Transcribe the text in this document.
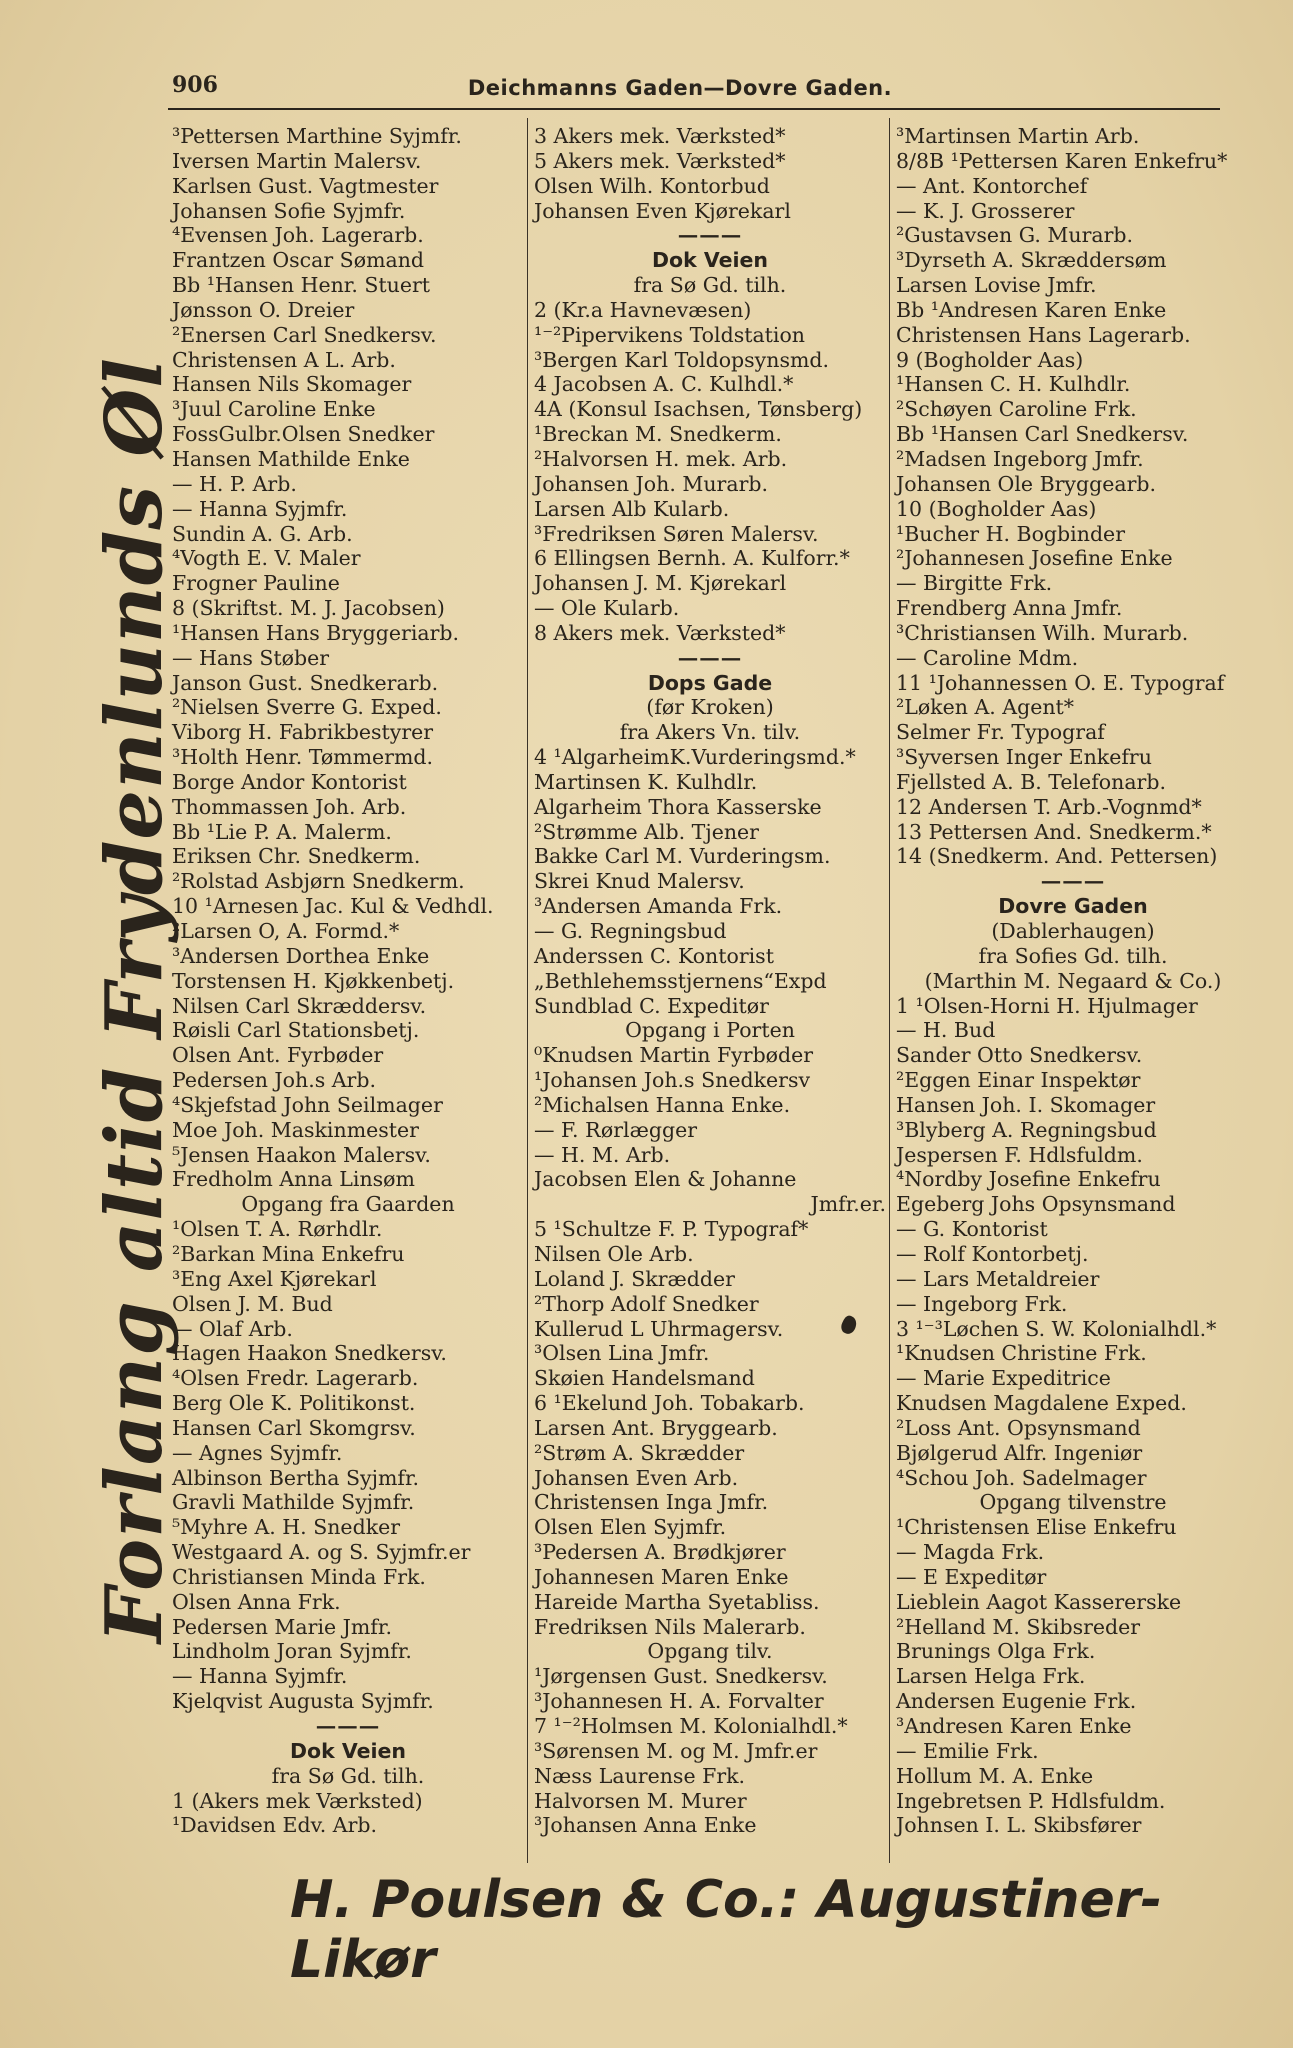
906	Deichmanns Gaden—Dovre Gaden.
Forlang altid Frydenlunds Øl
³Pettersen Marthine Syjmfr.
Iversen Martin Malersv.
Karlsen Gust. Vagtmester
Johansen Sofie Syjmfr.
⁴Evensen Joh. Lagerarb.
Frantzen Oscar Sømand
Bb ¹Hansen Henr. Stuert
Jønsson O. Dreier
²Enersen Carl Snedkersv.
Christensen A L. Arb.
Hansen Nils Skomager
³Juul Caroline Enke
FossGulbr.Olsen Snedker
Hansen Mathilde Enke
— H. P. Arb.
— Hanna Syjmfr.
Sundin A. G. Arb.
⁴Vogth E. V. Maler
Frogner Pauline
8 (Skriftst. M. J. Jacobsen)
¹Hansen Hans Bryggeriarb.
— Hans Støber
Janson Gust. Snedkerarb.
²Nielsen Sverre G. Exped.
Viborg H. Fabrikbestyrer
³Holth Henr. Tømmermd.
Borge Andor Kontorist
Thommassen Joh. Arb.
Bb ¹Lie P. A. Malerm.
Eriksen Chr. Snedkerm.
²Rolstad Asbjørn Snedkerm.
10 ¹Arnesen Jac. Kul & Vedhdl.
²Larsen O, A. Formd.*
³Andersen Dorthea Enke
Torstensen H. Kjøkkenbetj.
Nilsen Carl Skræddersv.
Røisli Carl Stationsbetj.
Olsen Ant. Fyrbøder
Pedersen Joh.s Arb.
⁴Skjefstad John Seilmager
Moe Joh. Maskinmester
⁵Jensen Haakon Malersv.
Fredholm Anna Linsøm
Opgang fra Gaarden
¹Olsen T. A. Rørhdlr.
²Barkan Mina Enkefru
³Eng Axel Kjørekarl
Olsen J. M. Bud
— Olaf Arb.
Hagen Haakon Snedkersv.
⁴Olsen Fredr. Lagerarb.
Berg Ole K. Politikonst.
Hansen Carl Skomgrsv.
— Agnes Syjmfr.
Albinson Bertha Syjmfr.
Gravli Mathilde Syjmfr.
⁵Myhre A. H. Snedker
Westgaard A. og S. Syjmfr.er
Christiansen Minda Frk.
Olsen Anna Frk.
Pedersen Marie Jmfr.
Lindholm Joran Syjmfr.
— Hanna Syjmfr.
Kjelqvist Augusta Syjmfr.
———
Dok Veien
fra Sø Gd. tilh.
1 (Akers mek Værksted)
¹Davidsen Edv. Arb.
3 Akers mek. Værksted*
5 Akers mek. Værksted*
Olsen Wilh. Kontorbud
Johansen Even Kjørekarl
———
Dok Veien
fra Sø Gd. tilh.
2 (Kr.a Havnevæsen)
¹⁻²Pipervikens Toldstation
³Bergen Karl Toldopsynsmd.
4 Jacobsen A. C. Kulhdl.*
4A (Konsul Isachsen, Tønsberg)
¹Breckan M. Snedkerm.
²Halvorsen H. mek. Arb.
Johansen Joh. Murarb.
Larsen Alb Kularb.
³Fredriksen Søren Malersv.
6 Ellingsen Bernh. A. Kulforr.*
Johansen J. M. Kjørekarl
— Ole Kularb.
8 Akers mek. Værksted*
———
Dops Gade
(før Kroken)
fra Akers Vn. tilv.
4 ¹AlgarheimK.Vurderingsmd.*
Martinsen K. Kulhdlr.
Algarheim Thora Kasserske
²Strømme Alb. Tjener
Bakke Carl M. Vurderingsm.
Skrei Knud Malersv.
³Andersen Amanda Frk.
— G. Regningsbud
Anderssen C. Kontorist
„Bethlehemsstjernens“Expd
Sundblad C. Expeditør
Opgang i Porten
⁰Knudsen Martin Fyrbøder
¹Johansen Joh.s Snedkersv
²Michalsen Hanna Enke.
— F. Rørlægger
— H. M. Arb.
Jacobsen Elen & Johanne
Jmfr.er.
5 ¹Schultze F. P. Typograf*
Nilsen Ole Arb.
Loland J. Skrædder
²Thorp Adolf Snedker
Kullerud L Uhrmagersv.
³Olsen Lina Jmfr.
Skøien Handelsmand
6 ¹Ekelund Joh. Tobakarb.
Larsen Ant. Bryggearb.
²Strøm A. Skrædder
Johansen Even Arb.
Christensen Inga Jmfr.
Olsen Elen Syjmfr.
³Pedersen A. Brødkjører
Johannesen Maren Enke
Hareide Martha Syetabliss.
Fredriksen Nils Malerarb.
Opgang tilv.
¹Jørgensen Gust. Snedkersv.
³Johannesen H. A. Forvalter
7 ¹⁻²Holmsen M. Kolonialhdl.*
³Sørensen M. og M. Jmfr.er
Næss Laurense Frk.
Halvorsen M. Murer
³Johansen Anna Enke
³Martinsen Martin Arb.
8/8B ¹Pettersen Karen Enkefru*
— Ant. Kontorchef
— K. J. Grosserer
²Gustavsen G. Murarb.
³Dyrseth A. Skræddersøm
Larsen Lovise Jmfr.
Bb ¹Andresen Karen Enke
Christensen Hans Lagerarb.
9 (Bogholder Aas)
¹Hansen C. H. Kulhdlr.
²Schøyen Caroline Frk.
Bb ¹Hansen Carl Snedkersv.
²Madsen Ingeborg Jmfr.
Johansen Ole Bryggearb.
10 (Bogholder Aas)
¹Bucher H. Bogbinder
²Johannesen Josefine Enke
— Birgitte Frk.
Frendberg Anna Jmfr.
³Christiansen Wilh. Murarb.
— Caroline Mdm.
11 ¹Johannessen O. E. Typograf
²Løken A. Agent*
Selmer Fr. Typograf
³Syversen Inger Enkefru
Fjellsted A. B. Telefonarb.
12 Andersen T. Arb.-Vognmd*
13 Pettersen And. Snedkerm.*
14 (Snedkerm. And. Pettersen)
———
Dovre Gaden
(Dablerhaugen)
fra Sofies Gd. tilh.
(Marthin M. Negaard & Co.)
1 ¹Olsen-Horni H. Hjulmager
— H. Bud
Sander Otto Snedkersv.
²Eggen Einar Inspektør
Hansen Joh. I. Skomager
³Blyberg A. Regningsbud
Jespersen F. Hdlsfuldm.
⁴Nordby Josefine Enkefru
Egeberg Johs Opsynsmand
— G. Kontorist
— Rolf Kontorbetj.
— Lars Metaldreier
— Ingeborg Frk.
3 ¹⁻³Løchen S. W. Kolonialhdl.*
¹Knudsen Christine Frk.
— Marie Expeditrice
Knudsen Magdalene Exped.
²Loss Ant. Opsynsmand
Bjølgerud Alfr. Ingeniør
⁴Schou Joh. Sadelmager
Opgang tilvenstre
¹Christensen Elise Enkefru
— Magda Frk.
— E Expeditør
Lieblein Aagot Kassererske
²Helland M. Skibsreder
Brunings Olga Frk.
Larsen Helga Frk.
Andersen Eugenie Frk.
³Andresen Karen Enke
— Emilie Frk.
Hollum M. A. Enke
Ingebretsen P. Hdlsfuldm.
Johnsen I. L. Skibsfører
H. Poulsen & Co.: Augustiner-Likør
